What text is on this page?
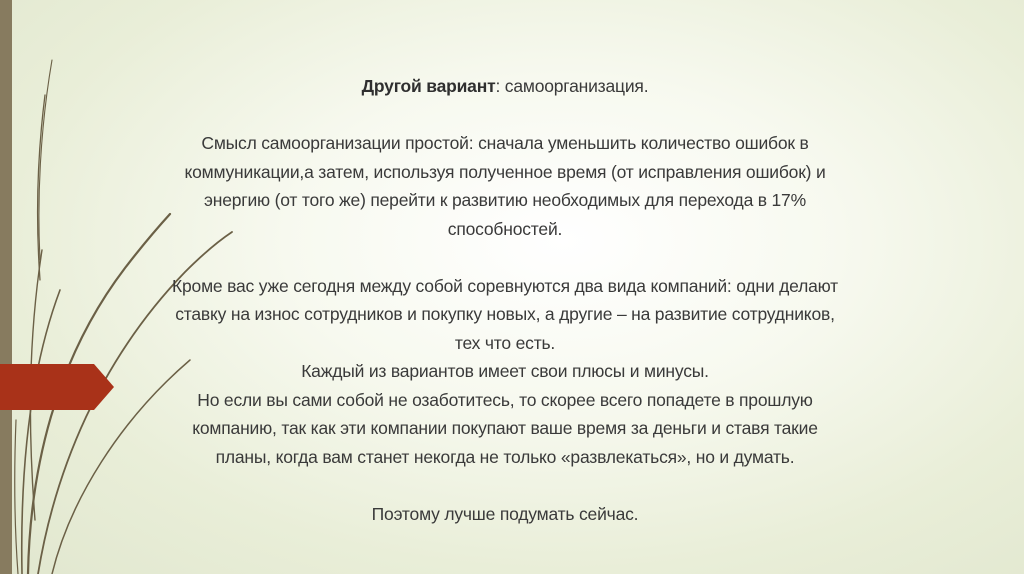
Другой вариант: самоорганизация.

Смысл самоорганизации простой: сначала уменьшить количество ошибок в

коммуникации,а затем, используя полученное время (от исправления ошибок) и

энергию (от того же) перейти к развитию необходимых для перехода в 17%

способностей.

Кроме вас уже сегодня между собой соревнуются два вида компаний: одни делают

ставку на износ сотрудников и покупку новых, а другие – на развитие сотрудников,

тех что есть.

Каждый из вариантов имеет свои плюсы и минусы.

Но если вы сами собой не озаботитесь, то скорее всего попадете в прошлую

компанию, так как эти компании покупают ваше время за деньги и ставя такие

планы, когда вам станет некогда не только «развлекаться», но и думать.

Поэтому лучше подумать сейчас.
